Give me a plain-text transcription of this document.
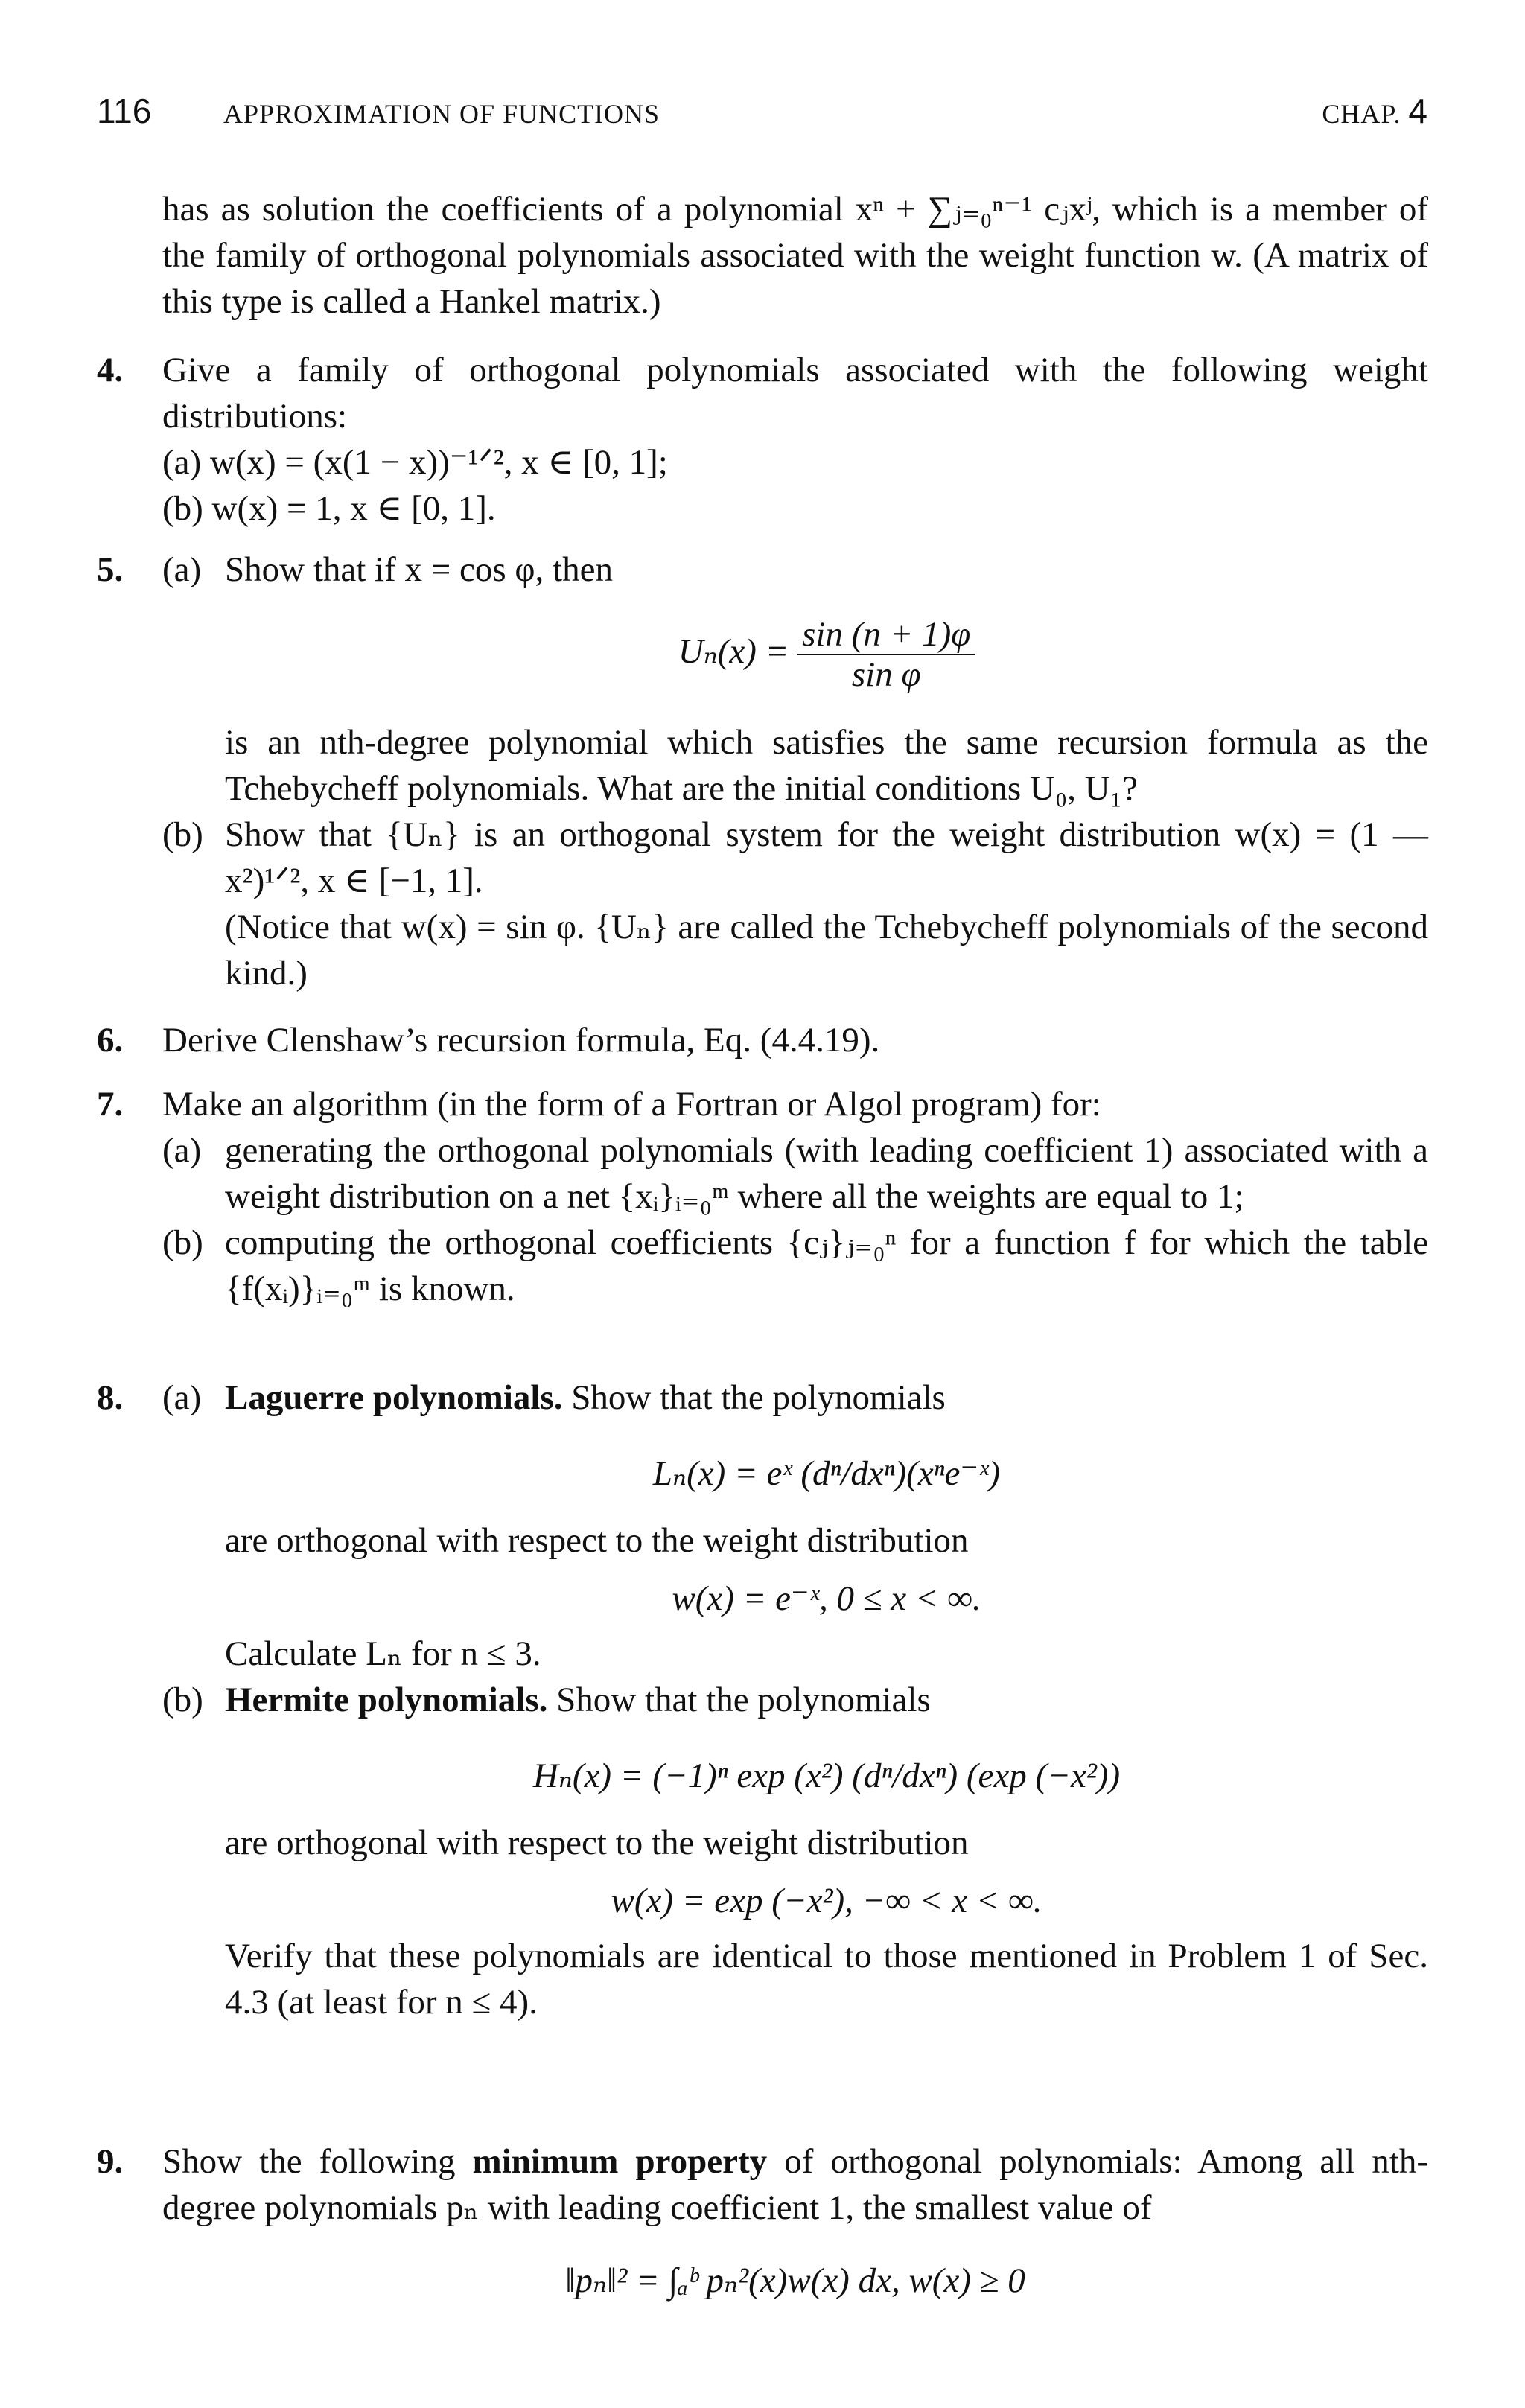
116	APPROXIMATION OF FUNCTIONS	CHAP. 4

has as solution the coefficients of a polynomial xⁿ + ∑ⱼ₌₀ⁿ⁻¹ cⱼxʲ, which is a member of the family of orthogonal polynomials associated with the weight function w. (A matrix of this type is called a Hankel matrix.)

4. Give a family of orthogonal polynomials associated with the following weight distributions:

(a) w(x) = (x(1 − x))⁻¹ᐟ², x ∈ [0, 1];

(b) w(x) = 1, x ∈ [0, 1].

5. (a) Show that if x = cos φ, then

$U_n(x) = \frac{\sin (n + 1)\varphi}{\text{sin φ}}$

is an nth-degree polynomial which satisfies the same recursion formula as the Tchebycheff polynomials. What are the initial conditions U₀, U₁?

(b) Show that {Uₙ} is an orthogonal system for the weight distribution w(x) = (1 — x²)¹ᐟ², x ∈ [−1, 1].

(Notice that w(x) = sin φ. {Uₙ} are called the Tchebycheff polynomials of the second kind.)

6. Derive Clenshaw’s recursion formula, Eq. (4.4.19).

7. Make an algorithm (in the form of a Fortran or Algol program) for:

(a) generating the orthogonal polynomials (with leading coefficient 1) associated with a weight distribution on a net {xᵢ}ᵢ₌₀ᵐ where all the weights are equal to 1;

(b) computing the orthogonal coefficients {cⱼ}ⱼ₌₀ⁿ for a function f for which the table {f(xᵢ)}ᵢ₌₀ᵐ is known.

8. (a) Laguerre polynomials. Show that the polynomials

Lₙ(x) = eˣ (dⁿ/dxⁿ)(xⁿe⁻ˣ)

are orthogonal with respect to the weight distribution

w(x) = e⁻ˣ, 0 ≤ x < ∞.

Calculate Lₙ for n ≤ 3.

(b) Hermite polynomials. Show that the polynomials

Hₙ(x) = (−1)ⁿ exp (x²) (dⁿ/dxⁿ) (exp (−x²))

are orthogonal with respect to the weight distribution

w(x) = exp (−x²), −∞ < x < ∞.

Verify that these polynomials are identical to those mentioned in Problem 1 of Sec. 4.3 (at least for n ≤ 4).

9. Show the following minimum property of orthogonal polynomials: Among all nth-degree polynomials pₙ with leading coefficient 1, the smallest value of

‖pₙ‖² = ∫ₐᵇ pₙ²(x)w(x) dx, w(x) ≥ 0
